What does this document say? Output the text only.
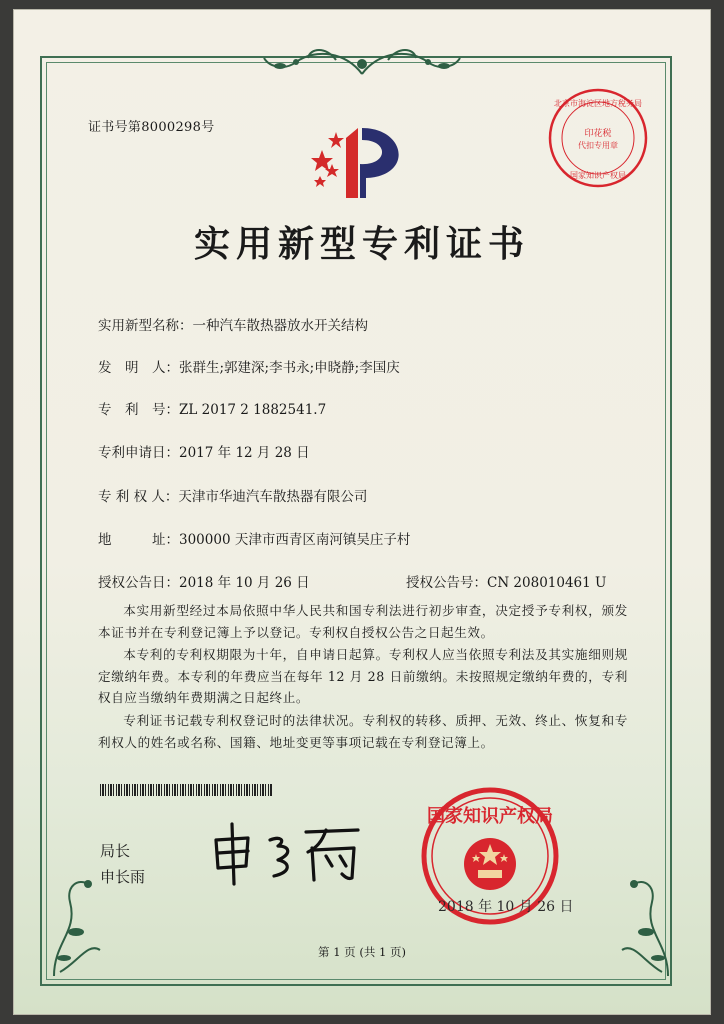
证书号第8000298号
北京市海淀区地方税务局
印花税
代扣专用章
国家知识产权局
实用新型专利证书
实用新型名称：一种汽车散热器放水开关结构
发　明　人：张群生;郭建深;李书永;申晓静;李国庆
专　利　号：ZL 2017 2 1882541.7
专利申请日：2017 年 12 月 28 日
专 利 权 人：天津市华迪汽车散热器有限公司
地　　　址：300000 天津市西青区南河镇吴庄子村
授权公告日：2018 年 10 月 26 日	授权公告号：CN 208010461 U
本实用新型经过本局依照中华人民共和国专利法进行初步审查，决定授予专利权，颁发本证书并在专利登记簿上予以登记。专利权自授权公告之日起生效。
本专利的专利权期限为十年，自申请日起算。专利权人应当依照专利法及其实施细则规定缴纳年费。本专利的年费应当在每年 12 月 28 日前缴纳。未按照规定缴纳年费的，专利权自应当缴纳年费期满之日起终止。
专利证书记载专利权登记时的法律状况。专利权的转移、质押、无效、终止、恢复和专利权人的姓名或名称、国籍、地址变更等事项记载在专利登记簿上。
局长
申长雨
国家知识产权局
2018 年 10 月 26 日
第 1 页 (共 1 页)
